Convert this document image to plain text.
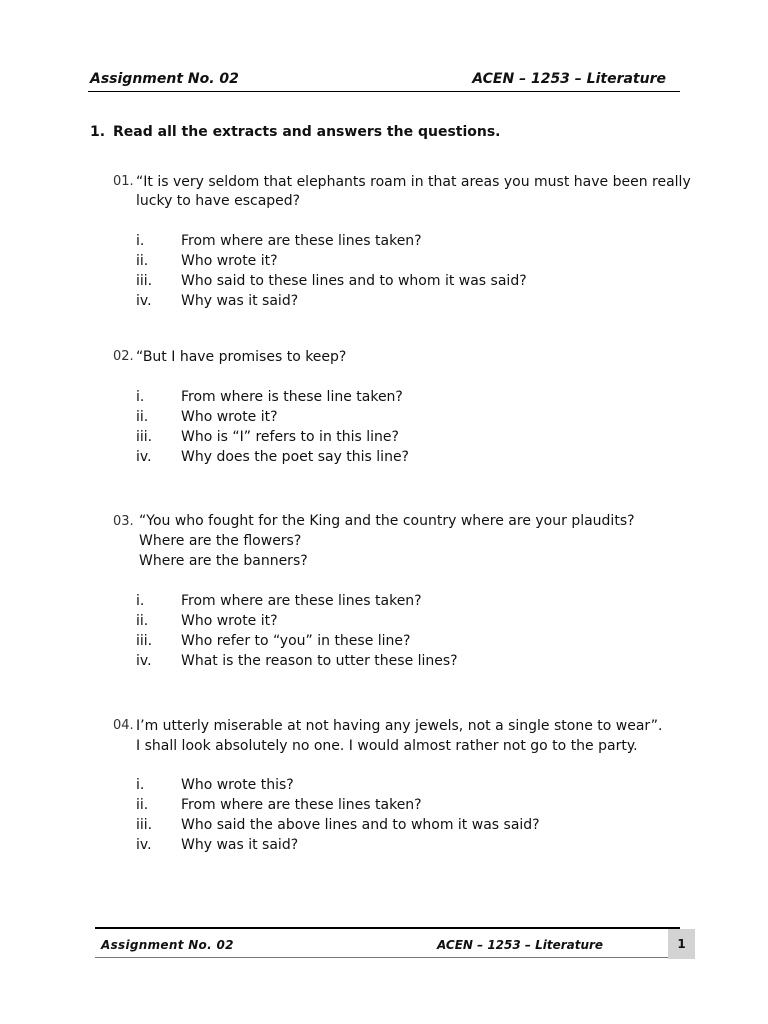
Assignment No. 02	ACEN – 1253 – Literature
1. Read all the extracts and answers the questions.
01. “It is very seldom that elephants roam in that areas you must have been really
lucky to have escaped?
i.	From where are these lines taken?
ii. Who wrote it?
iii. Who said to these lines and to whom it was said?
iv. Why was it said?
02. “But I have promises to keep?
i.	From where is these line taken?
ii. Who wrote it?
iii. Who is “I” refers to in this line?
iv. Why does the poet say this line?
03. “You who fought for the King and the country where are your plaudits?
Where are the flowers?
Where are the banners?
i.	From where are these lines taken?
ii. Who wrote it?
iii. Who refer to “you” in these line?
iv. What is the reason to utter these lines?
04. I’m utterly miserable at not having any jewels, not a single stone to wear”.
I shall look absolutely no one. I would almost rather not go to the party.
i.	Who wrote this?
ii. From where are these lines taken?
iii. Who said the above lines and to whom it was said?
iv. Why was it said?
Assignment No. 02	ACEN – 1253 – Literature	1
